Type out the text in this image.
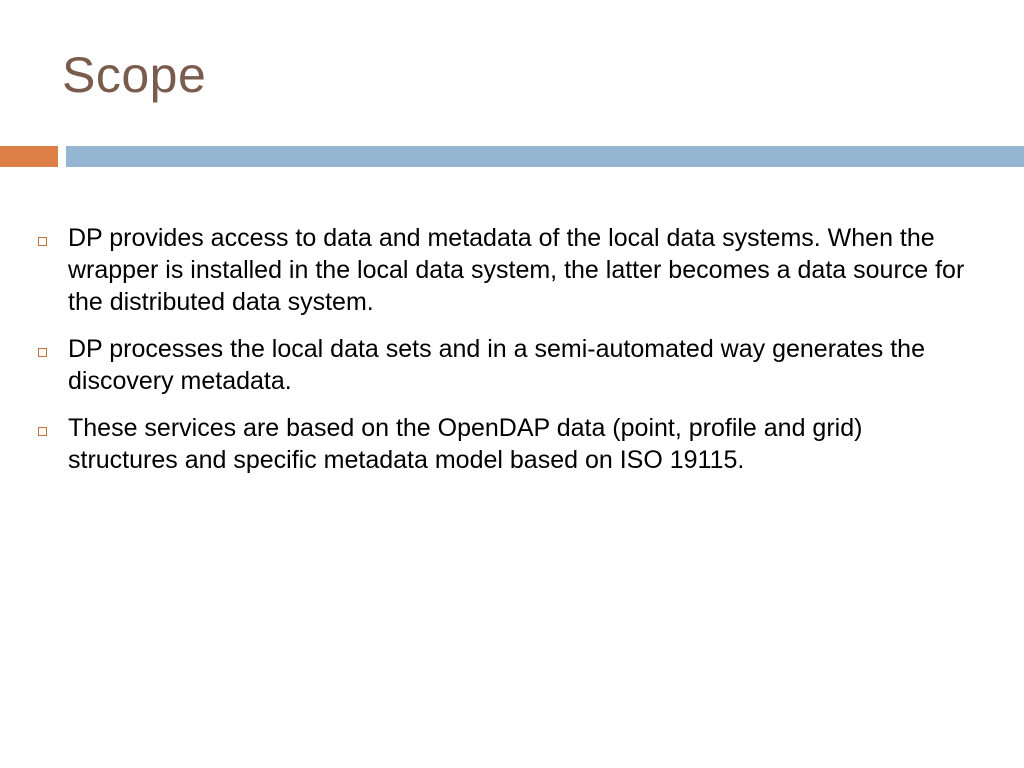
Scope
DP provides access to data and metadata of the local data systems. When the wrapper is installed in the local data system, the latter becomes a data source for the distributed data system.
DP processes the local data sets and in a semi-automated way generates the discovery metadata.
These services are based on the OpenDAP data (point, profile and grid) structures and specific metadata model based on ISO 19115.
